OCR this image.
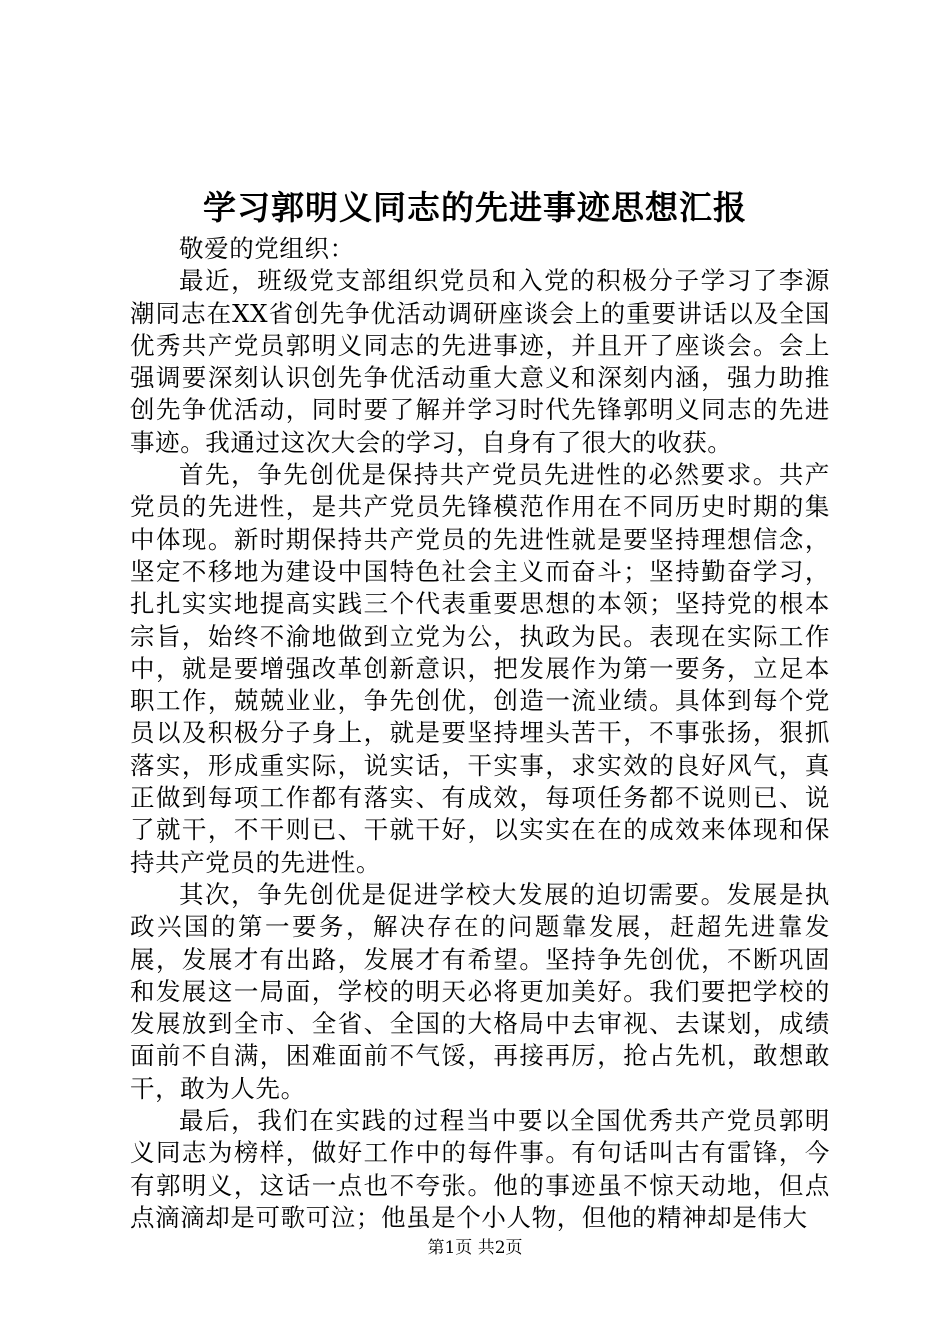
学习郭明义同志的先进事迹思想汇报

敬爱的党组织：

最近，班级党支部组织党员和入党的积极分子学习了李源潮同志在XX省创先争优活动调研座谈会上的重要讲话以及全国优秀共产党员郭明义同志的先进事迹，并且开了座谈会。会上强调要深刻认识创先争优活动重大意义和深刻内涵，强力助推创先争优活动，同时要了解并学习时代先锋郭明义同志的先进事迹。我通过这次大会的学习，自身有了很大的收获。

首先，争先创优是保持共产党员先进性的必然要求。共产党员的先进性，是共产党员先锋模范作用在不同历史时期的集中体现。新时期保持共产党员的先进性就是要坚持理想信念，坚定不移地为建设中国特色社会主义而奋斗；坚持勤奋学习，扎扎实实地提高实践三个代表重要思想的本领；坚持党的根本宗旨，始终不渝地做到立党为公，执政为民。表现在实际工作中，就是要增强改革创新意识，把发展作为第一要务，立足本职工作，兢兢业业，争先创优，创造一流业绩。具体到每个党员以及积极分子身上，就是要坚持埋头苦干，不事张扬，狠抓落实，形成重实际，说实话，干实事，求实效的良好风气，真正做到每项工作都有落实、有成效，每项任务都不说则已、说了就干，不干则已、干就干好，以实实在在的成效来体现和保持共产党员的先进性。

其次，争先创优是促进学校大发展的迫切需要。发展是执政兴国的第一要务，解决存在的问题靠发展，赶超先进靠发展，发展才有出路，发展才有希望。坚持争先创优，不断巩固和发展这一局面，学校的明天必将更加美好。我们要把学校的发展放到全市、全省、全国的大格局中去审视、去谋划，成绩面前不自满，困难面前不气馁，再接再厉，抢占先机，敢想敢干，敢为人先。

最后，我们在实践的过程当中要以全国优秀共产党员郭明义同志为榜样，做好工作中的每件事。有句话叫古有雷锋，今有郭明义，这话一点也不夸张。他的事迹虽不惊天动地，但点点滴滴却是可歌可泣；他虽是个小人物，但他的精神却是伟大

第1页 共2页
